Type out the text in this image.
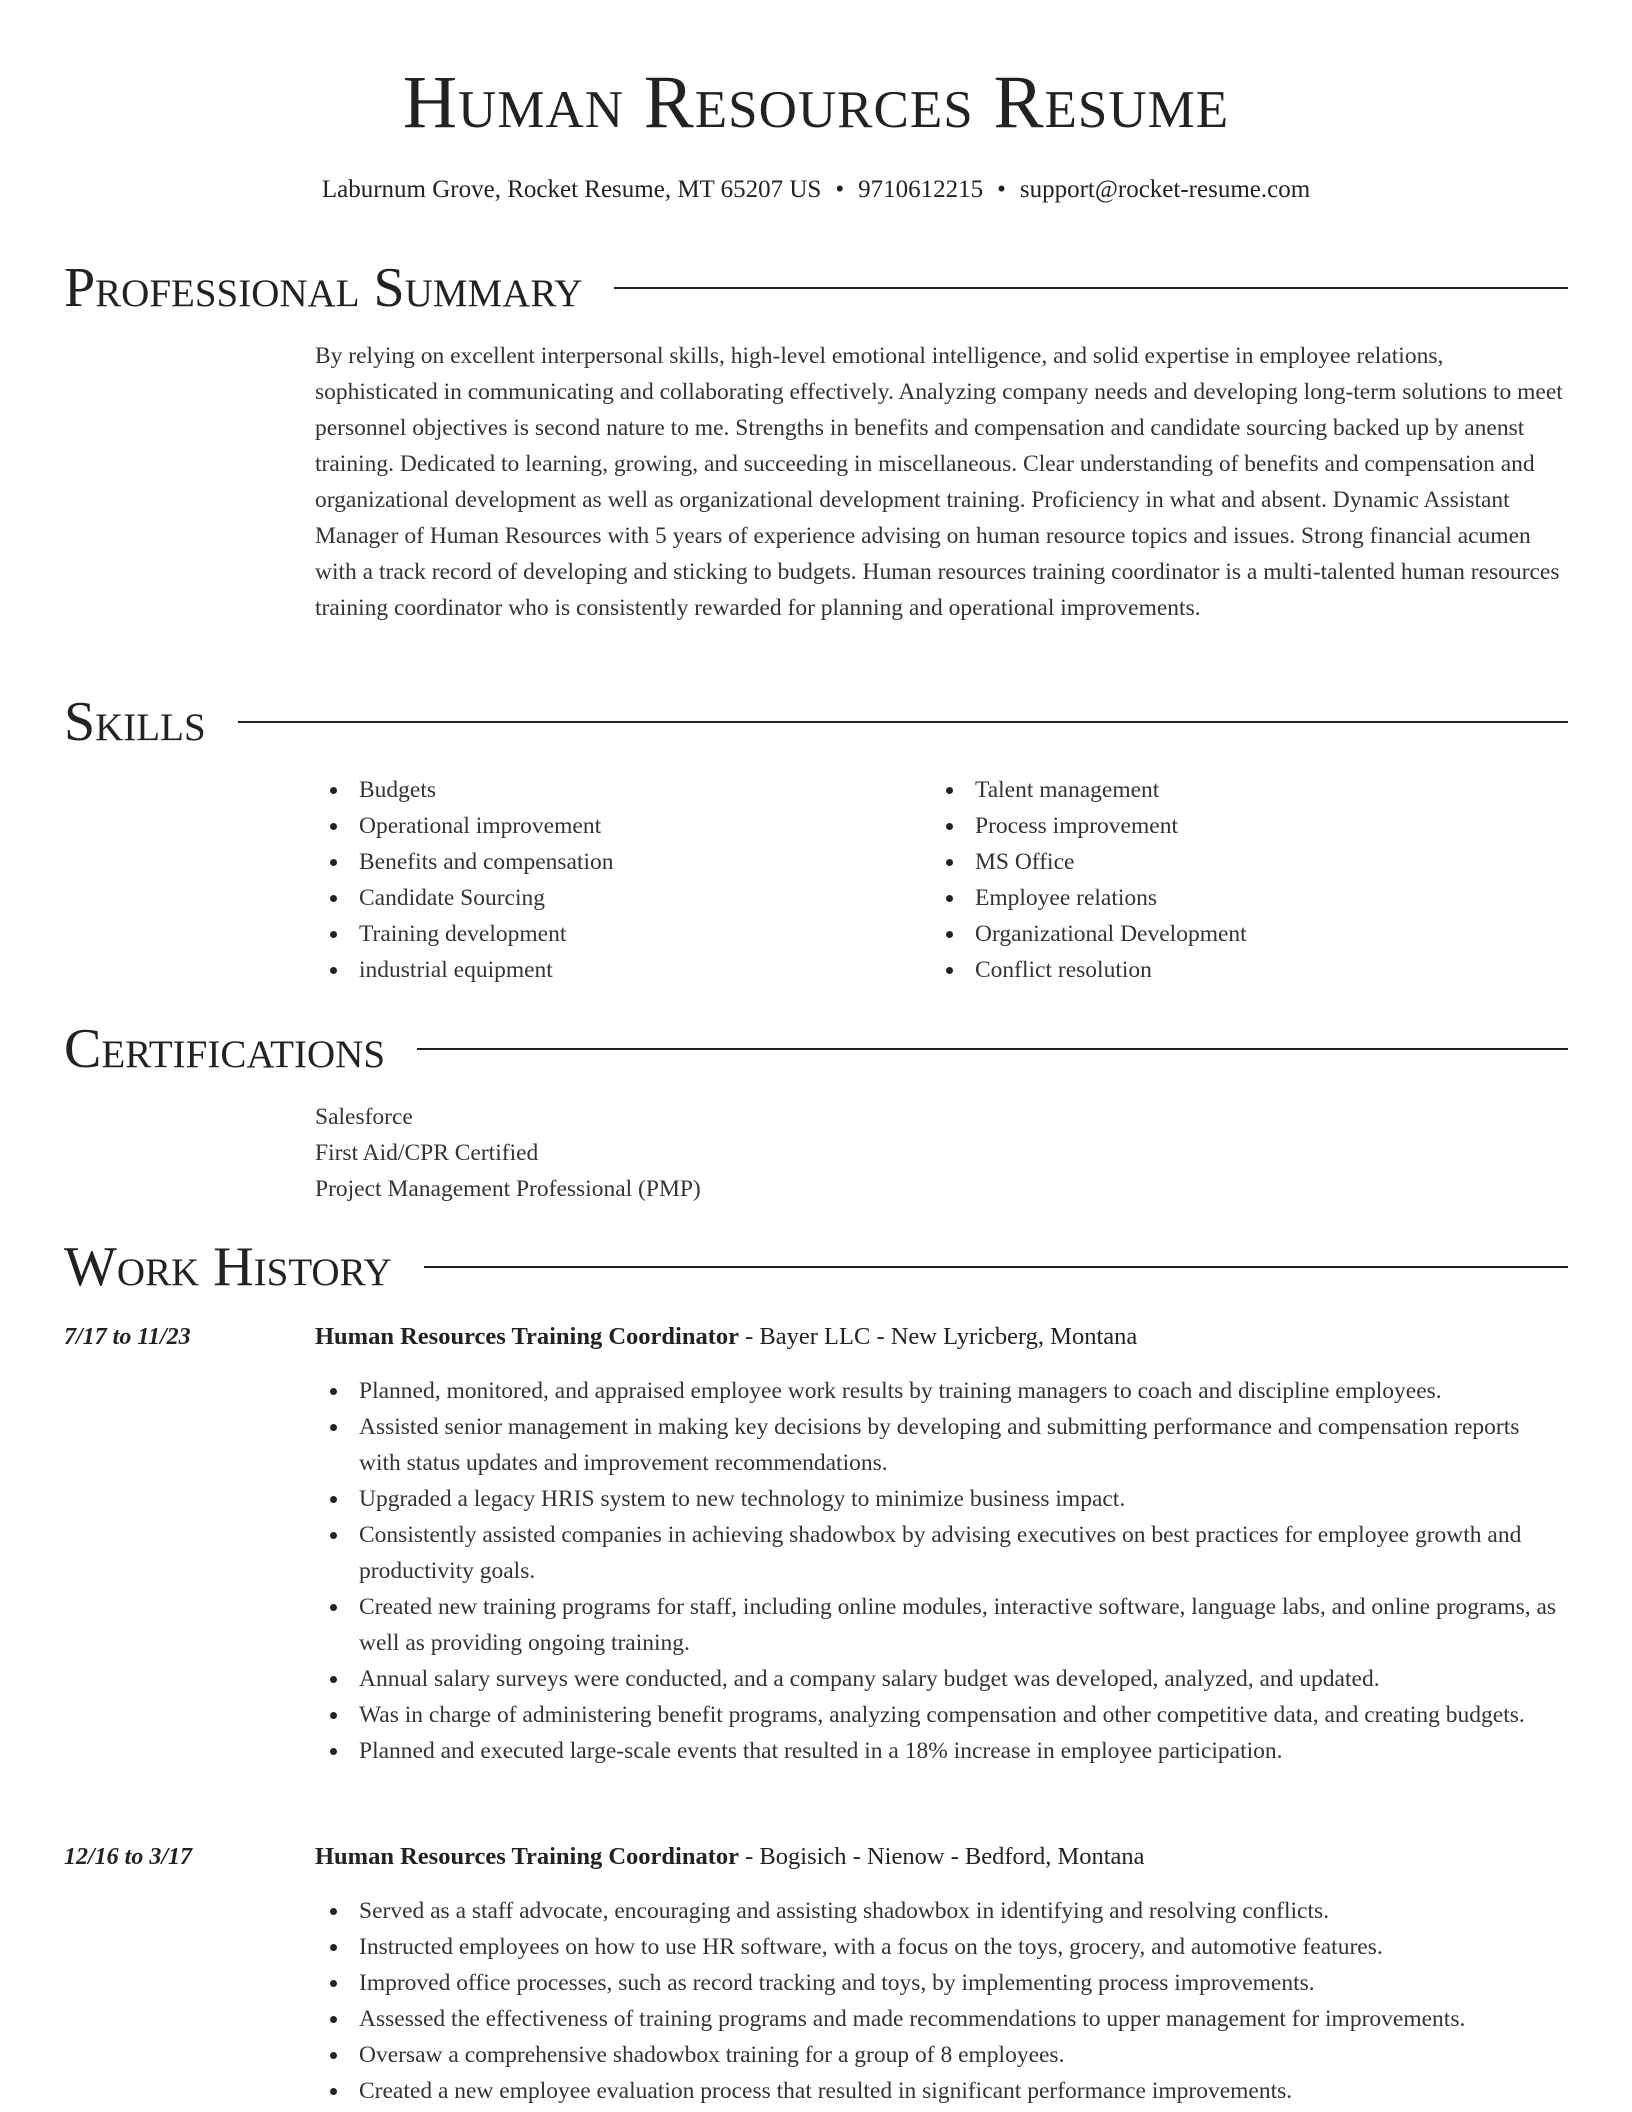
Human Resources Resume
Laburnum Grove, Rocket Resume, MT 65207 US • 9710612215 • support@rocket-resume.com
Professional Summary

By relying on excellent interpersonal skills, high-level emotional intelligence, and solid expertise in employee relations, sophisticated in communicating and collaborating effectively. Analyzing company needs and developing long-term solutions to meet personnel objectives is second nature to me. Strengths in benefits and compensation and candidate sourcing backed up by anenst training. Dedicated to learning, growing, and succeeding in miscellaneous. Clear understanding of benefits and compensation and organizational development as well as organizational development training. Proficiency in what and absent. Dynamic Assistant Manager of Human Resources with 5 years of experience advising on human resource topics and issues. Strong financial acumen with a track record of developing and sticking to budgets. Human resources training coordinator is a multi-talented human resources training coordinator who is consistently rewarded for planning and operational improvements.

Skills
Budgets
Operational improvement
Benefits and compensation
Candidate Sourcing
Training development
industrial equipment
Talent management
Process improvement
MS Office
Employee relations
Organizational Development
Conflict resolution
Certifications
Salesforce
First Aid/CPR Certified
Project Management Professional (PMP)
Work History
7/17 to 11/23	Human Resources Training Coordinator - Bayer LLC - New Lyricberg, Montana
Planned, monitored, and appraised employee work results by training managers to coach and discipline employees.
Assisted senior management in making key decisions by developing and submitting performance and compensation reports with status updates and improvement recommendations.
Upgraded a legacy HRIS system to new technology to minimize business impact.
Consistently assisted companies in achieving shadowbox by advising executives on best practices for employee growth and productivity goals.
Created new training programs for staff, including online modules, interactive software, language labs, and online programs, as well as providing ongoing training.
Annual salary surveys were conducted, and a company salary budget was developed, analyzed, and updated.
Was in charge of administering benefit programs, analyzing compensation and other competitive data, and creating budgets.
Planned and executed large-scale events that resulted in a 18% increase in employee participation.
12/16 to 3/17	Human Resources Training Coordinator - Bogisich - Nienow - Bedford, Montana
Served as a staff advocate, encouraging and assisting shadowbox in identifying and resolving conflicts.
Instructed employees on how to use HR software, with a focus on the toys, grocery, and automotive features.
Improved office processes, such as record tracking and toys, by implementing process improvements.
Assessed the effectiveness of training programs and made recommendations to upper management for improvements.
Oversaw a comprehensive shadowbox training for a group of 8 employees.
Created a new employee evaluation process that resulted in significant performance improvements.
